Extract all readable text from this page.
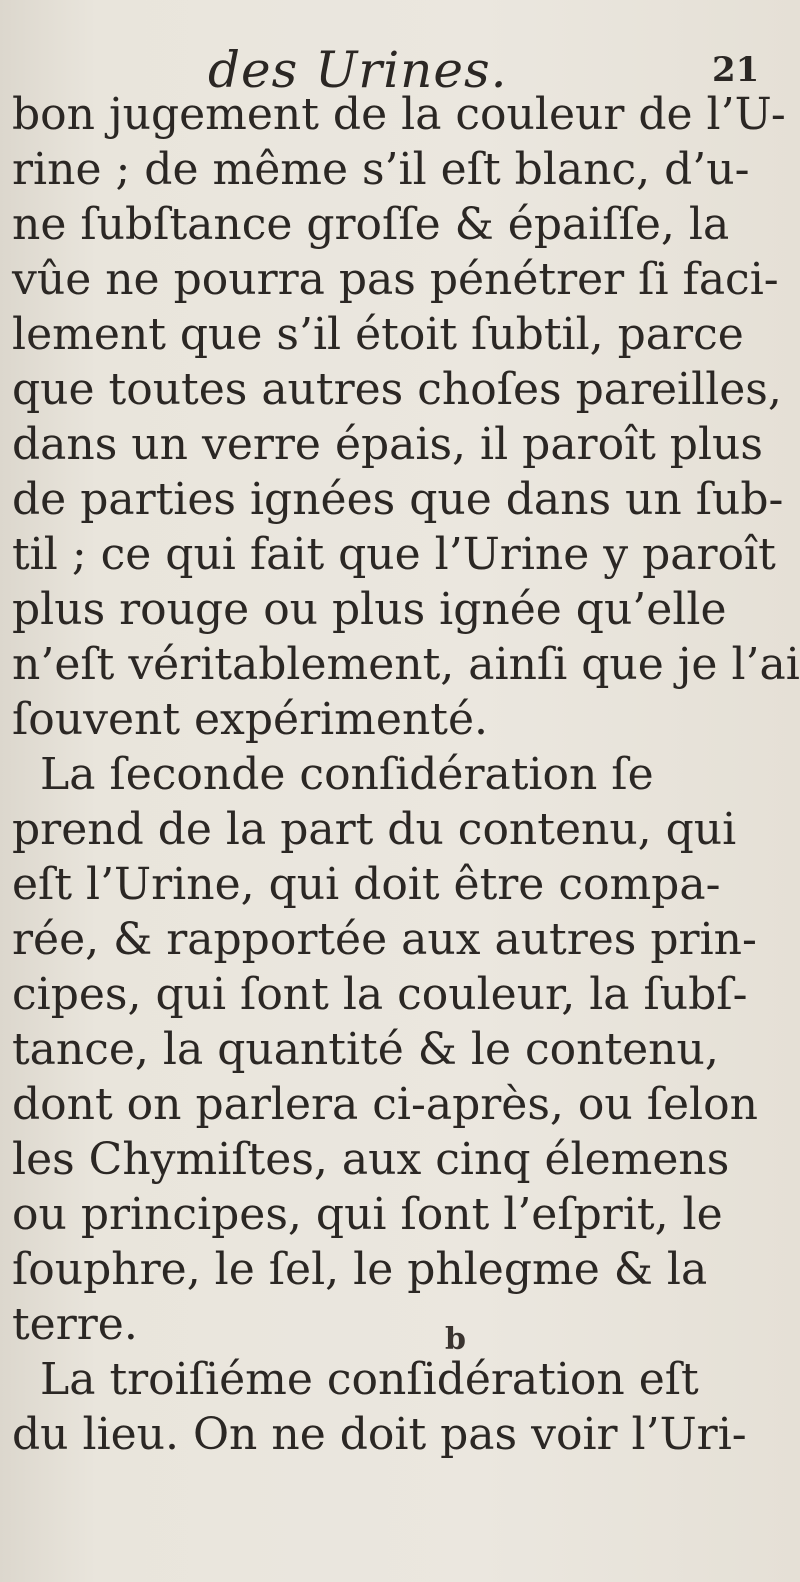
des Urines.	21
bon jugement de la couleur de l’U-
rine ; de même s’il eſt blanc, d’u-
ne ſubſtance groſſe & épaiſſe, la
vûe ne pourra pas pénétrer ſi faci-
lement que s’il étoit ſubtil, parce
que toutes autres choſes pareilles,
dans un verre épais, il paroît plus
de parties ignées que dans un ſub-
til ; ce qui fait que l’Urine y paroît
plus rouge ou plus ignée qu’elle
n’eſt véritablement, ainſi que je l’ai
ſouvent expérimenté.
La ſeconde conſidération ſe
prend de la part du contenu, qui
eſt l’Urine, qui doit être compa-
rée, & rapportée aux autres prin-
cipes, qui ſont la couleur, la ſubſ-
tance, la quantité & le contenu,
dont on parlera ci-après, ou ſelon
les Chymiſtes, aux cinq élemens
ou principes, qui ſont l’eſprit, le
ſouphre, le ſel, le phlegme & la
terre.
La troiſiéme conſidération eſt
du lieu. On ne doit pas voir l’Uri-
b
